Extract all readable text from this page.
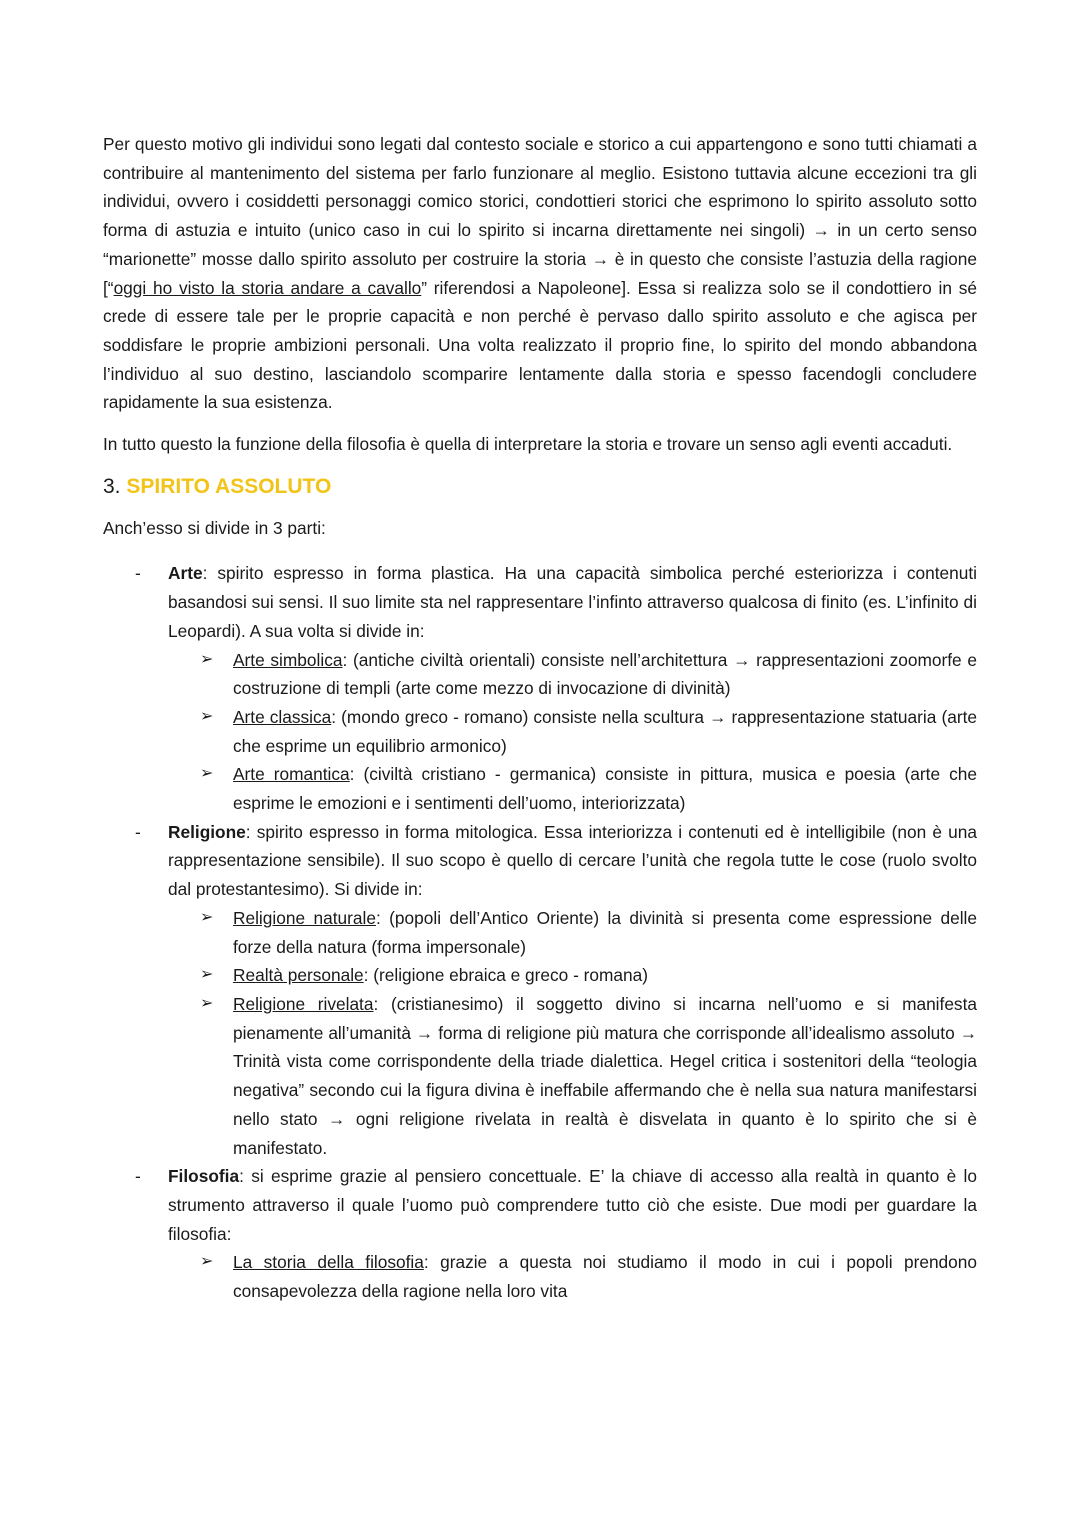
Per questo motivo gli individui sono legati dal contesto sociale e storico a cui appartengono e sono tutti chiamati a contribuire al mantenimento del sistema per farlo funzionare al meglio. Esistono tuttavia alcune eccezioni tra gli individui, ovvero i cosiddetti personaggi comico storici, condottieri storici che esprimono lo spirito assoluto sotto forma di astuzia e intuito (unico caso in cui lo spirito si incarna direttamente nei singoli) → in un certo senso “marionette” mosse dallo spirito assoluto per costruire la storia → è in questo che consiste l’astuzia della ragione [“oggi ho visto la storia andare a cavallo” riferendosi a Napoleone]. Essa si realizza solo se il condottiero in sé crede di essere tale per le proprie capacità e non perché è pervaso dallo spirito assoluto e che agisca per soddisfare le proprie ambizioni personali. Una volta realizzato il proprio fine, lo spirito del mondo abbandona l’individuo al suo destino, lasciandolo scomparire lentamente dalla storia e spesso facendogli concludere rapidamente la sua esistenza.

In tutto questo la funzione della filosofia è quella di interpretare la storia e trovare un senso agli eventi accaduti.

3. SPIRITO ASSOLUTO

Anch’esso si divide in 3 parti:

- Arte: spirito espresso in forma plastica. Ha una capacità simbolica perché esteriorizza i contenuti basandosi sui sensi. Il suo limite sta nel rappresentare l’infinto attraverso qualcosa di finito (es. L’infinito di Leopardi). A sua volta si divide in:
➢ Arte simbolica: (antiche civiltà orientali) consiste nell’architettura → rappresentazioni zoomorfe e costruzione di templi (arte come mezzo di invocazione di divinità)
➢ Arte classica: (mondo greco - romano) consiste nella scultura → rappresentazione statuaria (arte che esprime un equilibrio armonico)
➢ Arte romantica: (civiltà cristiano - germanica) consiste in pittura, musica e poesia (arte che esprime le emozioni e i sentimenti dell’uomo, interiorizzata)
- Religione: spirito espresso in forma mitologica. Essa interiorizza i contenuti ed è intelligibile (non è una rappresentazione sensibile). Il suo scopo è quello di cercare l’unità che regola tutte le cose (ruolo svolto dal protestantesimo). Si divide in:
➢ Religione naturale: (popoli dell’Antico Oriente) la divinità si presenta come espressione delle forze della natura (forma impersonale)
➢ Realtà personale: (religione ebraica e greco - romana)
➢ Religione rivelata: (cristianesimo) il soggetto divino si incarna nell’uomo e si manifesta pienamente all’umanità → forma di religione più matura che corrisponde all’idealismo assoluto → Trinità vista come corrispondente della triade dialettica. Hegel critica i sostenitori della “teologia negativa” secondo cui la figura divina è ineffabile affermando che è nella sua natura manifestarsi nello stato → ogni religione rivelata in realtà è disvelata in quanto è lo spirito che si è manifestato.
- Filosofia: si esprime grazie al pensiero concettuale. E’ la chiave di accesso alla realtà in quanto è lo strumento attraverso il quale l’uomo può comprendere tutto ciò che esiste. Due modi per guardare la filosofia:
➢ La storia della filosofia: grazie a questa noi studiamo il modo in cui i popoli prendono consapevolezza della ragione nella loro vita
